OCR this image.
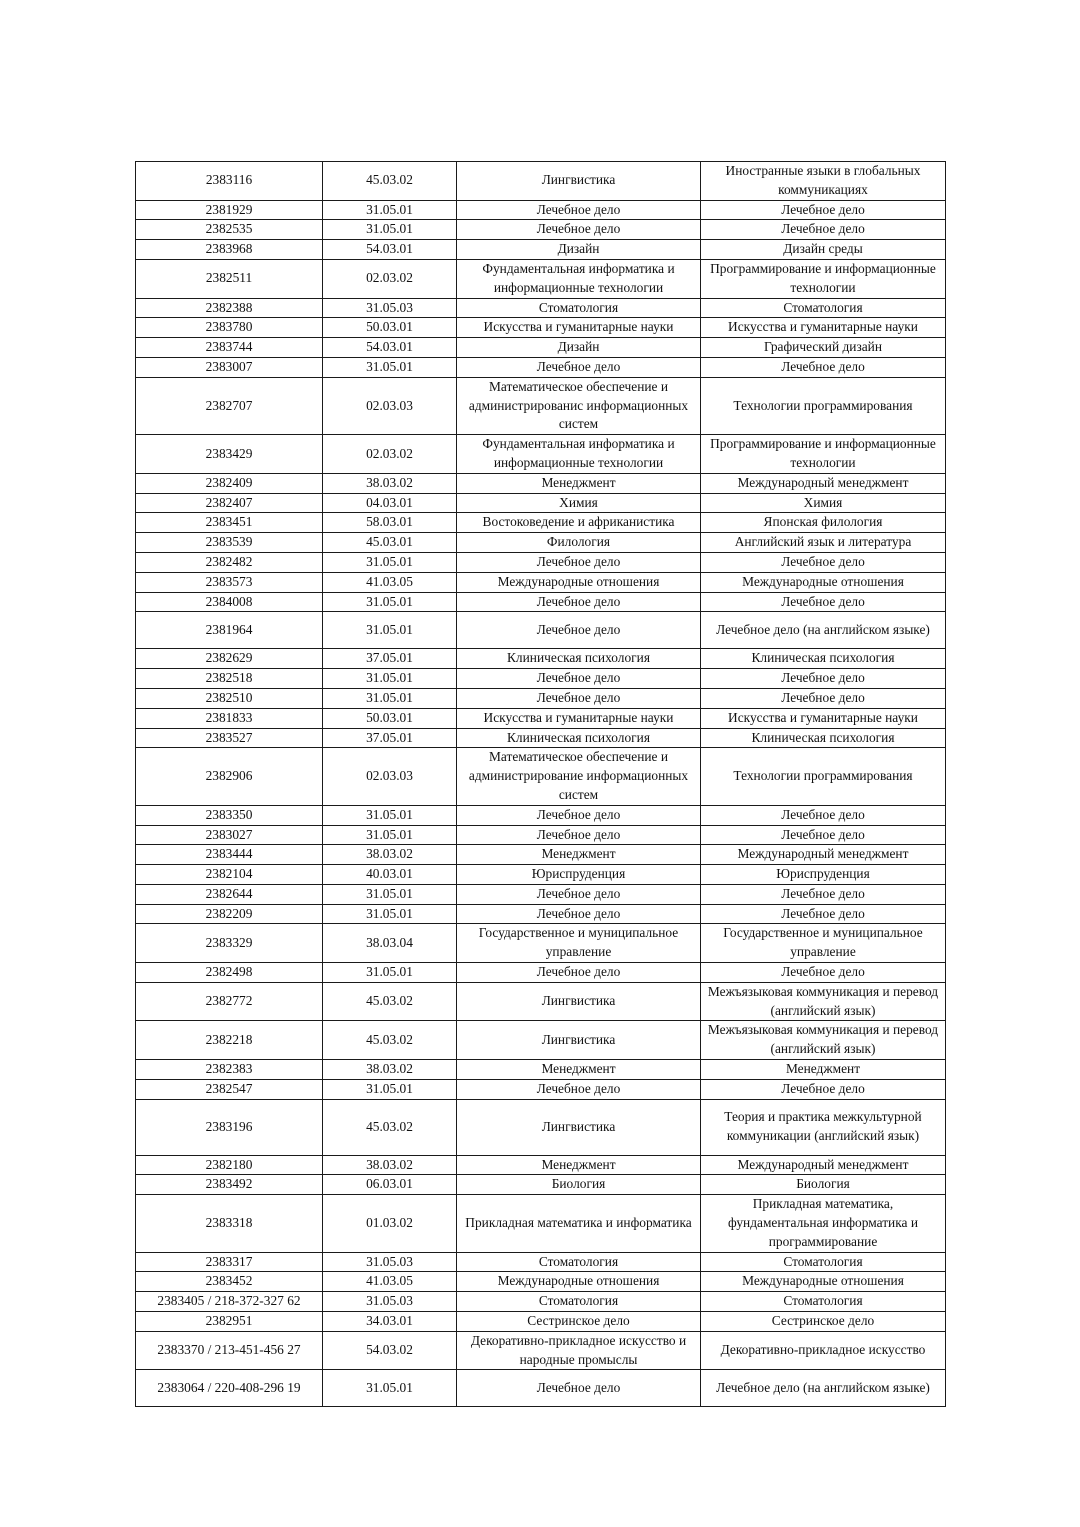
2383116	45.03.02	Лингвистика	Иностранные языки в глобальных коммуникациях
2381929	31.05.01	Лечебное дело	Лечебное дело
2382535	31.05.01	Лечебное дело	Лечебное дело
2383968	54.03.01	Дизайн	Дизайн среды
2382511	02.03.02	Фундаментальная информатика и информационные технологии	Программирование и информационные технологии
2382388	31.05.03	Стоматология	Стоматология
2383780	50.03.01	Искусства и гуманитарные науки	Искусства и гуманитарные науки
2383744	54.03.01	Дизайн	Графический дизайн
2383007	31.05.01	Лечебное дело	Лечебное дело
2382707	02.03.03	Математическое обеспечение и администрированис информационных систем	Технологии программирования
2383429	02.03.02	Фундаментальная информатика и информационные технологии	Программирование и информационные технологии
2382409	38.03.02	Менеджмент	Международный менеджмент
2382407	04.03.01	Химия	Химия
2383451	58.03.01	Востоковедение и африканистика	Японская филология
2383539	45.03.01	Филология	Английский язык и литература
2382482	31.05.01	Лечебное дело	Лечебное дело
2383573	41.03.05	Международные отношения	Международные отношения
2384008	31.05.01	Лечебное дело	Лечебное дело
2381964	31.05.01	Лечебное дело	Лечебное дело (на английском языке)
2382629	37.05.01	Клиническая психология	Клиническая психология
2382518	31.05.01	Лечебное дело	Лечебное дело
2382510	31.05.01	Лечебное дело	Лечебное дело
2381833	50.03.01	Искусства и гуманитарные науки	Искусства и гуманитарные науки
2383527	37.05.01	Клиническая психология	Клиническая психология
2382906	02.03.03	Математическое обеспечение и администрирование информационных систем	Технологии программирования
2383350	31.05.01	Лечебное дело	Лечебное дело
2383027	31.05.01	Лечебное дело	Лечебное дело
2383444	38.03.02	Менеджмент	Международный менеджмент
2382104	40.03.01	Юриспруденция	Юриспруденция
2382644	31.05.01	Лечебное дело	Лечебное дело
2382209	31.05.01	Лечебное дело	Лечебное дело
2383329	38.03.04	Государственное и муниципальное управление	Государственное и муниципальное управление
2382498	31.05.01	Лечебное дело	Лечебное дело
2382772	45.03.02	Лингвистика	Межъязыковая коммуникация и перевод (английский язык)
2382218	45.03.02	Лингвистика	Межъязыковая коммуникация и перевод (английский язык)
2382383	38.03.02	Менеджмент	Менеджмент
2382547	31.05.01	Лечебное дело	Лечебное дело
2383196	45.03.02	Лингвистика	Теория и практика межкультурной коммуникации (английский язык)
2382180	38.03.02	Менеджмент	Международный менеджмент
2383492	06.03.01	Биология	Биология
2383318	01.03.02	Прикладная математика и информатика	Прикладная математика, фундаментальная информатика и программирование
2383317	31.05.03	Стоматология	Стоматология
2383452	41.03.05	Международные отношения	Международные отношения
2383405 / 218-372-327 62	31.05.03	Стоматология	Стоматология
2382951	34.03.01	Сестринское дело	Сестринское дело
2383370 / 213-451-456 27	54.03.02	Декоративно-прикладное искусство и народные промыслы	Декоративно-прикладное искусство
2383064 / 220-408-296 19	31.05.01	Лечебное дело	Лечебное дело (на английском языке)
